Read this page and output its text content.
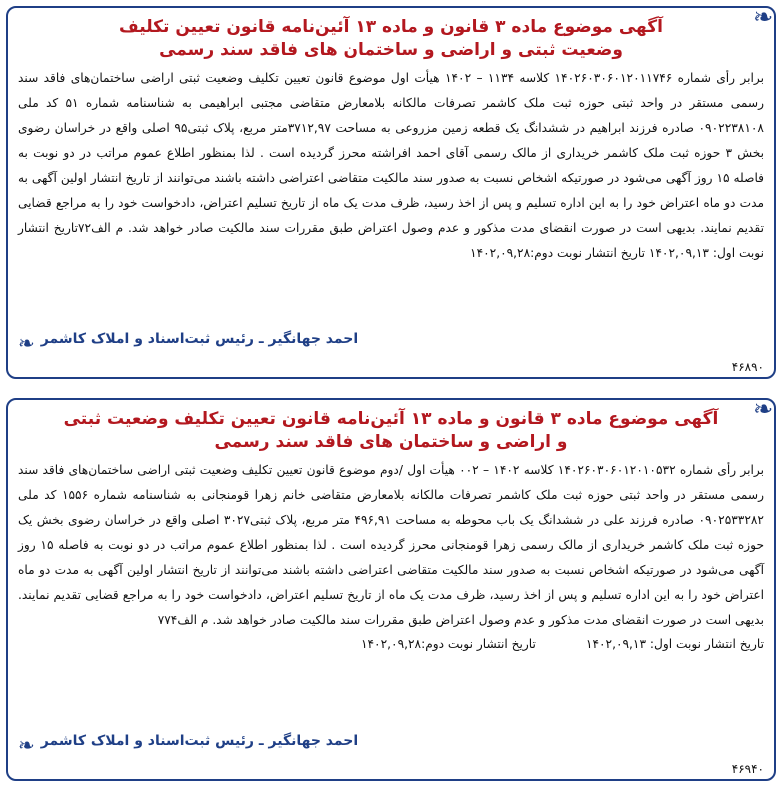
❧
آگهی موضوع ماده ۳ قانون و ماده ۱۳ آئین‌نامه قانون تعیین تکلیف
وضعیت ثبتی و اراضی و ساختمان های فاقد سند رسمی

برابر رأی شماره ۱۴۰۲۶۰۳۰۶۰۱۲۰۱۱۷۴۶ کلاسه ۱۱۳۴ – ۱۴۰۲ هیأت اول موضوع قانون تعیین تکلیف وضعیت ثبتی اراضی ساختمان‌های فاقد سند رسمی مستقر در واحد ثبتی حوزه ثبت ملک کاشمر تصرفات مالکانه بلامعارض متقاضی مجتبی ابراهیمی به شناسنامه شماره ۵۱ کد ملی ۰۹۰۲۲۳۸۱۰۸ صادره فرزند ابراهیم در ششدانگ یک قطعه زمین مزروعی به مساحت ۳۷۱۲,۹۷متر مربع، پلاک ثبتی۹۵ اصلی واقع در خراسان رضوی بخش ۳ حوزه ثبت ملک کاشمر خریداری از مالک رسمی آقای احمد افراشته محرز گردیده است . لذا بمنظور اطلاع عموم مراتب در دو نوبت به فاصله ۱۵ روز آگهی می‌شود در صورتیکه اشخاص نسبت به صدور سند مالکیت متقاضی اعتراضی داشته باشند می‌توانند از تاریخ انتشار اولین آگهی به مدت دو ماه اعتراض خود را به این اداره تسلیم و پس از اخذ رسید، ظرف مدت یک ماه از تاریخ تسلیم اعتراض، دادخواست خود را به مراجع قضایی تقدیم نمایند. بدیهی است در صورت انقضای مدت مذکور و عدم وصول اعتراض طبق مقررات سند مالکیت صادر خواهد شد. م الف۷۲تاریخ انتشار نوبت اول: ۱۴۰۲,۰۹,۱۳ تاریخ انتشار نوبت دوم:۱۴۰۲,۰۹,۲۸

احمد جهانگیر ـ رئیس ثبت‌اسناد و املاک کاشمر
❧
۴۶۸۹۰
❧
آگهی موضوع ماده ۳ قانون و ماده ۱۳ آئین‌نامه قانون تعیین تکلیف وضعیت ثبتی
و اراضی و ساختمان های فاقد سند رسمی

برابر رأی شماره ۱۴۰۲۶۰۳۰۶۰۱۲۰۱۰۵۳۲ کلاسه ۱۴۰۲ – ۰۰۲ هیأت اول /دوم موضوع قانون تعیین تکلیف وضعیت ثبتی اراضی ساختمان‌های فاقد سند رسمی مستقر در واحد ثبتی حوزه ثبت ملک کاشمر تصرفات مالکانه بلامعارض متقاضی خانم زهرا قومنجانی به شناسنامه شماره ۱۵۵۶ کد ملی ۰۹۰۲۵۳۳۲۸۲ صادره فرزند علی در ششدانگ یک باب محوطه به مساحت ۴۹۶,۹۱ متر مربع، پلاک ثبتی۳۰۲۷ اصلی واقع در خراسان رضوی بخش یک حوزه ثبت ملک کاشمر خریداری از مالک رسمی زهرا قومنجانی محرز گردیده است . لذا بمنظور اطلاع عموم مراتب در دو نوبت به فاصله ۱۵ روز آگهی می‌شود در صورتیکه اشخاص نسبت به صدور سند مالکیت متقاضی اعتراضی داشته باشند می‌توانند از تاریخ انتشار اولین آگهی به مدت دو ماه اعتراض خود را به این اداره تسلیم و پس از اخذ رسید، ظرف مدت یک ماه از تاریخ تسلیم اعتراض، دادخواست خود را به مراجع قضایی تقدیم نمایند. بدیهی است در صورت انقضای مدت مذکور و عدم وصول اعتراض طبق مقررات سند مالکیت صادر خواهد شد. م الف۷۷۴

تاریخ انتشار نوبت اول: ۱۴۰۲,۰۹,۱۳
تاریخ انتشار نوبت دوم:۱۴۰۲,۰۹,۲۸
احمد جهانگیر ـ رئیس ثبت‌اسناد و املاک کاشمر
❧
۴۶۹۴۰
